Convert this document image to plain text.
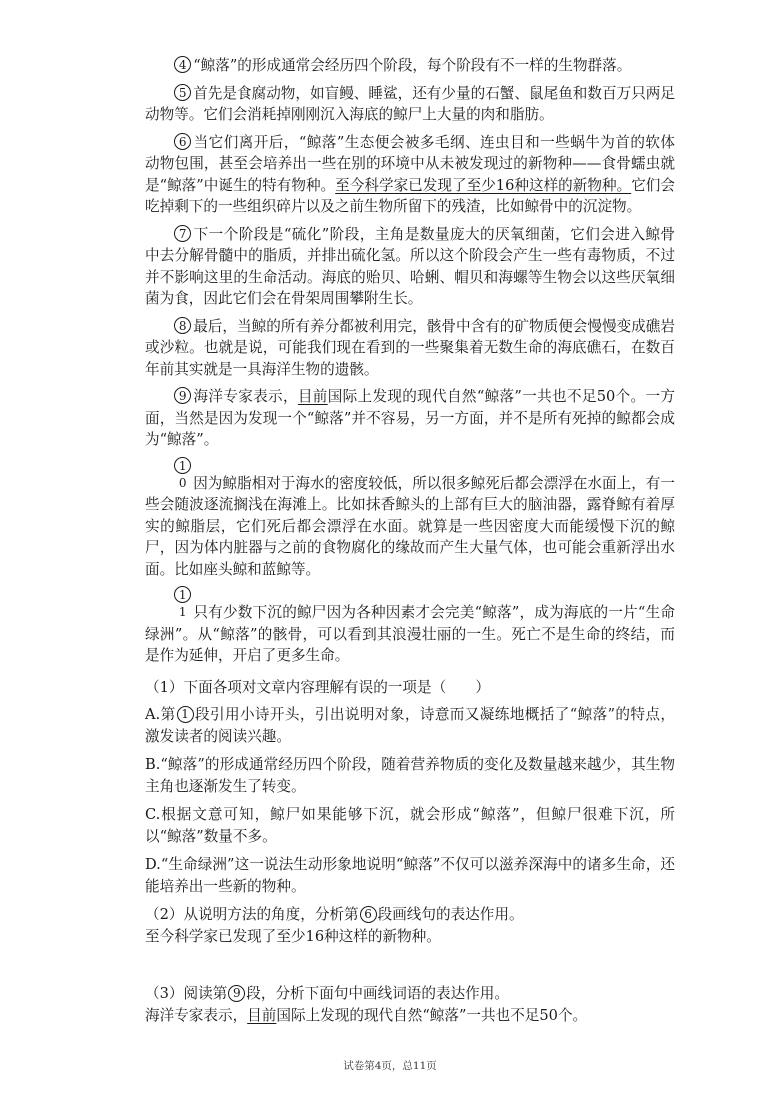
4 “鲸落”的形成通常会经历四个阶段，每个阶段有不一样的生物群落。

5 首先是食腐动物，如盲鳗、睡鲨，还有少量的石蟹、鼠尾鱼和数百万只两足动物等。它们会消耗掉刚刚沉入海底的鲸尸上大量的肉和脂肪。

6 当它们离开后，“鲸落”生态便会被多毛纲、连虫目和一些蜗牛为首的软体动物包围，甚至会培养出一些在别的环境中从未被发现过的新物种——食骨蠕虫就是“鲸落”中诞生的特有物种。至今科学家已发现了至少16种这样的新物种。它们会吃掉剩下的一些组织碎片以及之前生物所留下的残渣，比如鲸骨中的沉淀物。

7 下一个阶段是“硫化”阶段，主角是数量庞大的厌氧细菌，它们会进入鲸骨中去分解骨髓中的脂质，并排出硫化氢。所以这个阶段会产生一些有毒物质，不过并不影响这里的生命活动。海底的贻贝、哈蜊、帽贝和海螺等生物会以这些厌氧细菌为食，因此它们会在骨架周围攀附生长。

8 最后，当鲸的所有养分都被利用完，骸骨中含有的矿物质便会慢慢变成礁岩或沙粒。也就是说，可能我们现在看到的一些聚集着无数生命的海底礁石，在数百年前其实就是一具海洋生物的遗骸。

9 海洋专家表示，目前国际上发现的现代自然“鲸落”一共也不足50个。一方面，当然是因为发现一个“鲸落”并不容易，另一方面，并不是所有死掉的鲸都会成为“鲸落”。

10 因为鲸脂相对于海水的密度较低，所以很多鲸死后都会漂浮在水面上，有一些会随波逐流搁浅在海滩上。比如抹香鲸头的上部有巨大的脑油器，露脊鲸有着厚实的鲸脂层，它们死后都会漂浮在水面。就算是一些因密度大而能缓慢下沉的鲸尸，因为体内脏器与之前的食物腐化的缘故而产生大量气体，也可能会重新浮出水面。比如座头鲸和蓝鲸等。

11 只有少数下沉的鲸尸因为各种因素才会完美“鲸落”，成为海底的一片“生命绿洲”。从“鲸落”的骸骨，可以看到其浪漫壮丽的一生。死亡不是生命的终结，而是作为延伸，开启了更多生命。

（1）下面各项对文章内容理解有误的一项是（　　）

A.第 1 段引用小诗开头，引出说明对象，诗意而又凝练地概括了“鲸落”的特点，激发读者的阅读兴趣。

B.“鲸落”的形成通常经历四个阶段，随着营养物质的变化及数量越来越少，其生物主角也逐渐发生了转变。

C.根据文意可知，鲸尸如果能够下沉，就会形成“鲸落”，但鲸尸很难下沉，所以“鲸落”数量不多。

D.“生命绿洲”这一说法生动形象地说明“鲸落”不仅可以滋养深海中的诸多生命，还能培养出一些新的物种。

（2）从说明方法的角度，分析第 6 段画线句的表达作用。

至今科学家已发现了至少16种这样的新物种。

（3）阅读第 9 段，分析下面句中画线词语的表达作用。

海洋专家表示，目前国际上发现的现代自然“鲸落”一共也不足50个。

试卷第4页，总11页
